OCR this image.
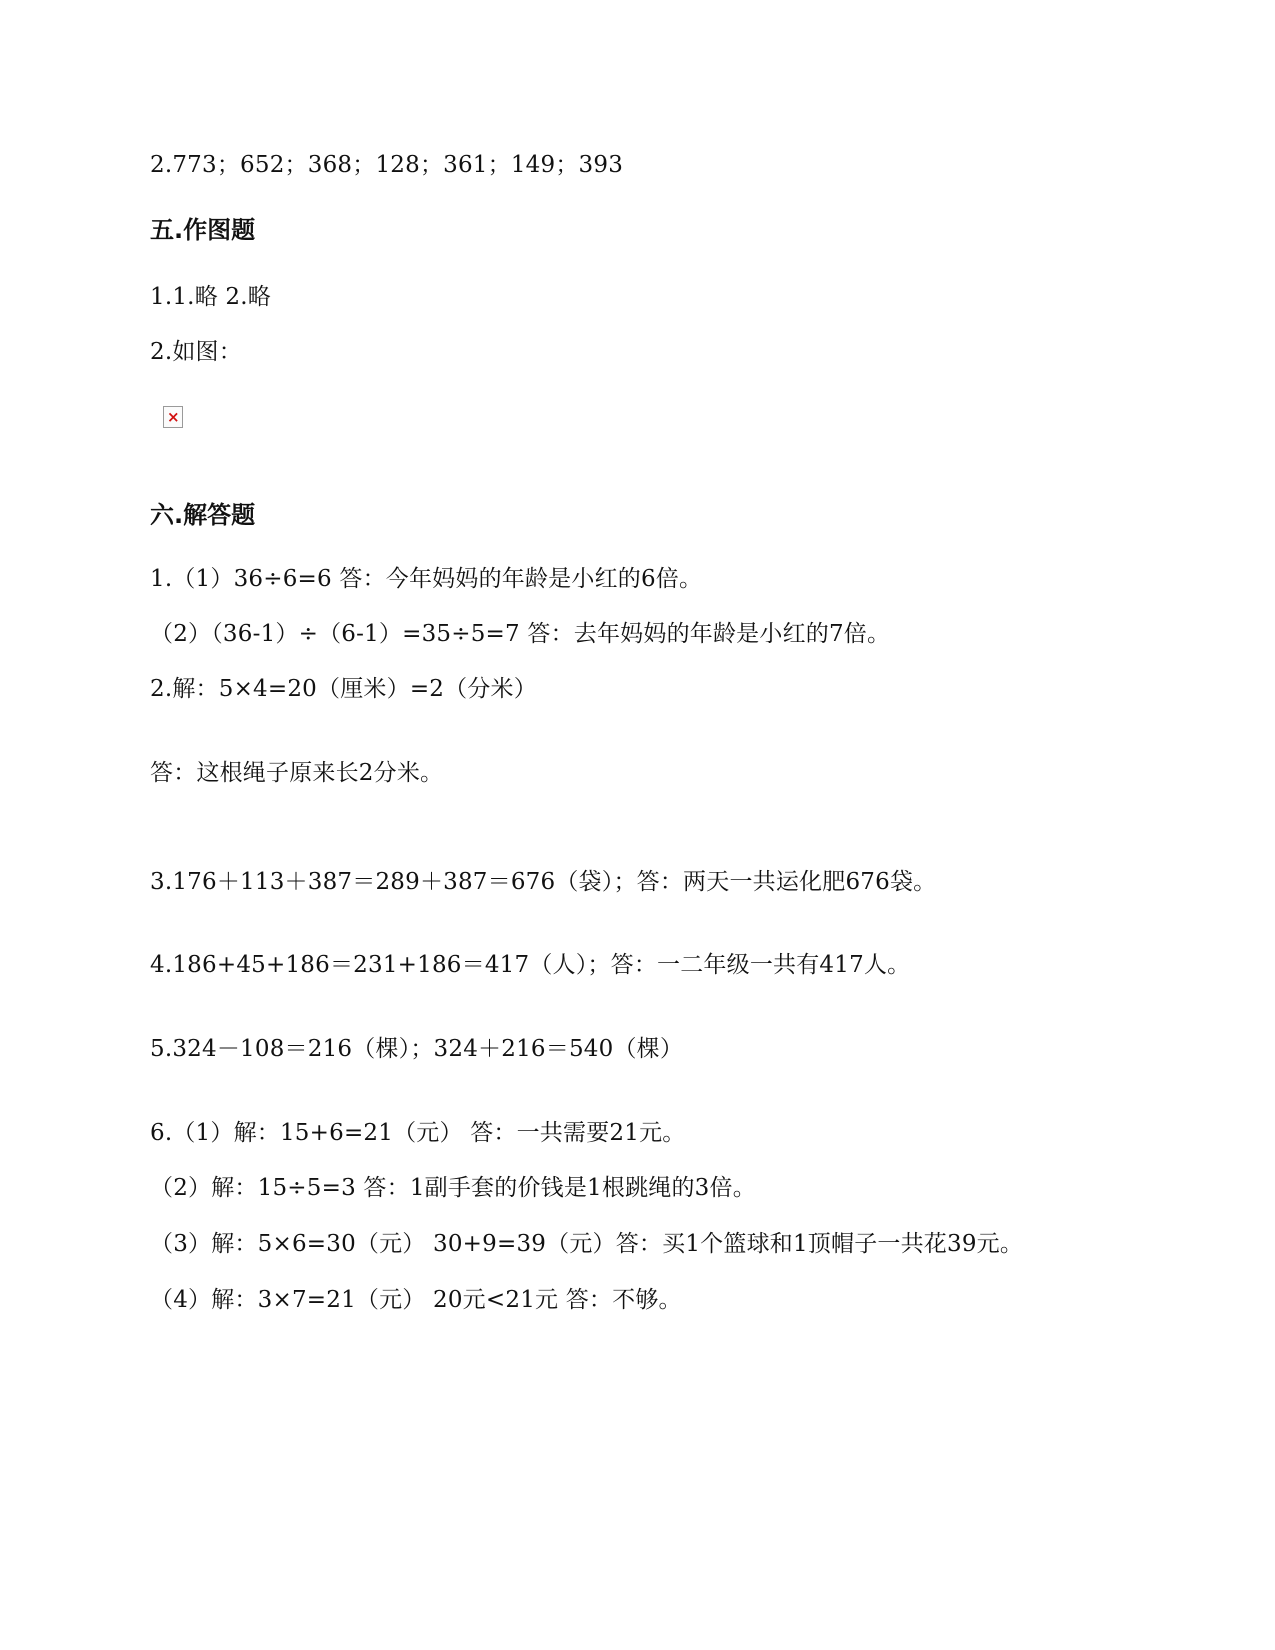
2.773；652；368；128；361；149；393
五.作图题
1.1.略 2.略
2.如图：
×
六.解答题
1.（1）36÷6=6 答：今年妈妈的年龄是小红的6倍。
（2）（36-1）÷（6-1）=35÷5=7 答：去年妈妈的年龄是小红的7倍。
2.解：5×4=20（厘米）=2（分米）
答：这根绳子原来长2分米。
3.176＋113＋387＝289＋387＝676（袋）；答：两天一共运化肥676袋。
4.186+45+186＝231+186＝417（人）；答：一二年级一共有417人。
5.324－108＝216（棵）；324＋216＝540（棵）
6.（1）解：15+6=21（元） 答：一共需要21元。
（2）解：15÷5=3 答：1副手套的价钱是1根跳绳的3倍。
（3）解：5×6=30（元） 30+9=39（元）答：买1个篮球和1顶帽子一共花39元。
（4）解：3×7=21（元） 20元<21元 答：不够。
